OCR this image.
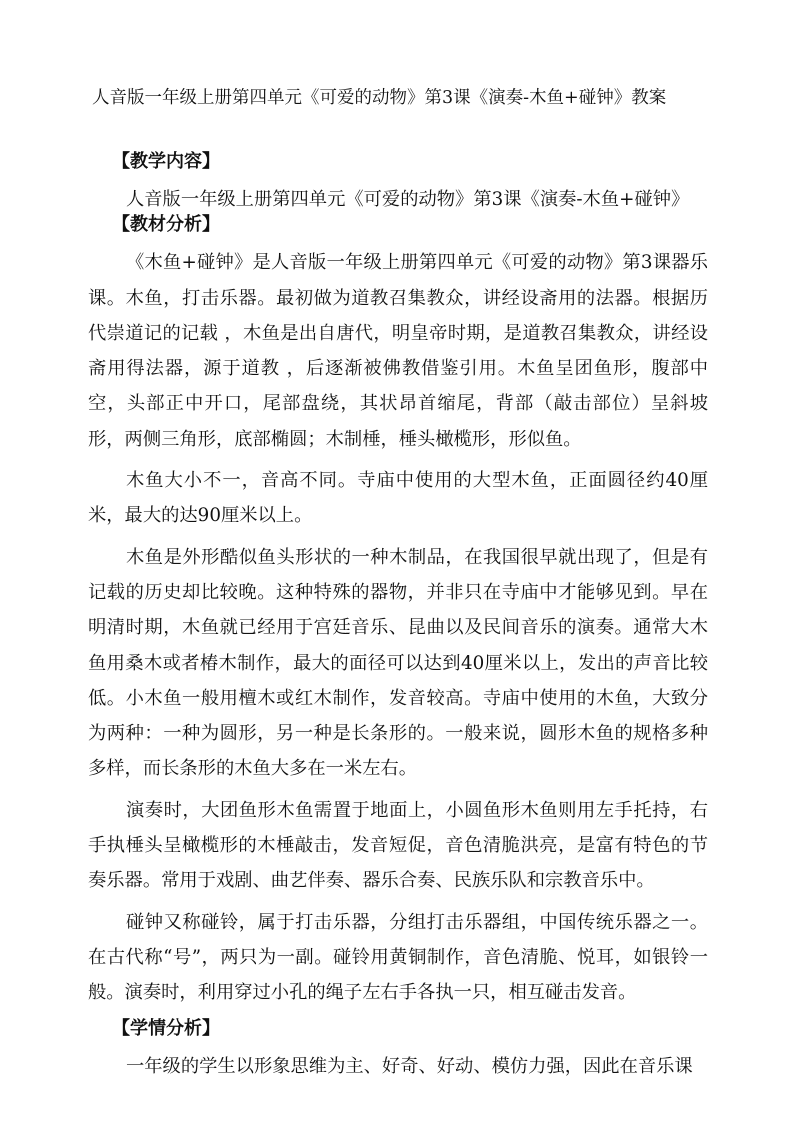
人音版一年级上册第四单元《可爱的动物》第3课《演奏-木鱼+碰钟》教案

【教学内容】

人音版一年级上册第四单元《可爱的动物》第3课《演奏-木鱼+碰钟》

【教材分析】

《木鱼+碰钟》是人音版一年级上册第四单元《可爱的动物》第3课器乐课。木鱼，打击乐器。最初做为道教召集教众，讲经设斋用的法器。根据历代崇道记的记载 ，木鱼是出自唐代，明皇帝时期，是道教召集教众，讲经设斋用得法器，源于道教 ，后逐渐被佛教借鉴引用。木鱼呈团鱼形，腹部中空，头部正中开口，尾部盘绕，其状昂首缩尾，背部（敲击部位）呈斜坡形，两侧三角形，底部椭圆；木制棰，棰头橄榄形，形似鱼。

木鱼大小不一，音高不同。寺庙中使用的大型木鱼，正面圆径约40厘米，最大的达90厘米以上。

木鱼是外形酷似鱼头形状的一种木制品，在我国很早就出现了，但是有记载的历史却比较晚。这种特殊的器物，并非只在寺庙中才能够见到。早在明清时期，木鱼就已经用于宫廷音乐、昆曲以及民间音乐的演奏。通常大木鱼用桑木或者椿木制作，最大的面径可以达到40厘米以上，发出的声音比较低。小木鱼一般用檀木或红木制作，发音较高。寺庙中使用的木鱼，大致分为两种：一种为圆形，另一种是长条形的。一般来说，圆形木鱼的规格多种多样，而长条形的木鱼大多在一米左右。

演奏时，大团鱼形木鱼需置于地面上，小圆鱼形木鱼则用左手托持，右手执棰头呈橄榄形的木棰敲击，发音短促，音色清脆洪亮，是富有特色的节奏乐器。常用于戏剧、曲艺伴奏、器乐合奏、民族乐队和宗教音乐中。

碰钟又称碰铃，属于打击乐器，分组打击乐器组，中国传统乐器之一。在古代称“号”，两只为一副。碰铃用黄铜制作，音色清脆、悦耳，如银铃一般。演奏时，利用穿过小孔的绳子左右手各执一只，相互碰击发音。

【学情分析】

一年级的学生以形象思维为主、好奇、好动、模仿力强，因此在音乐课
